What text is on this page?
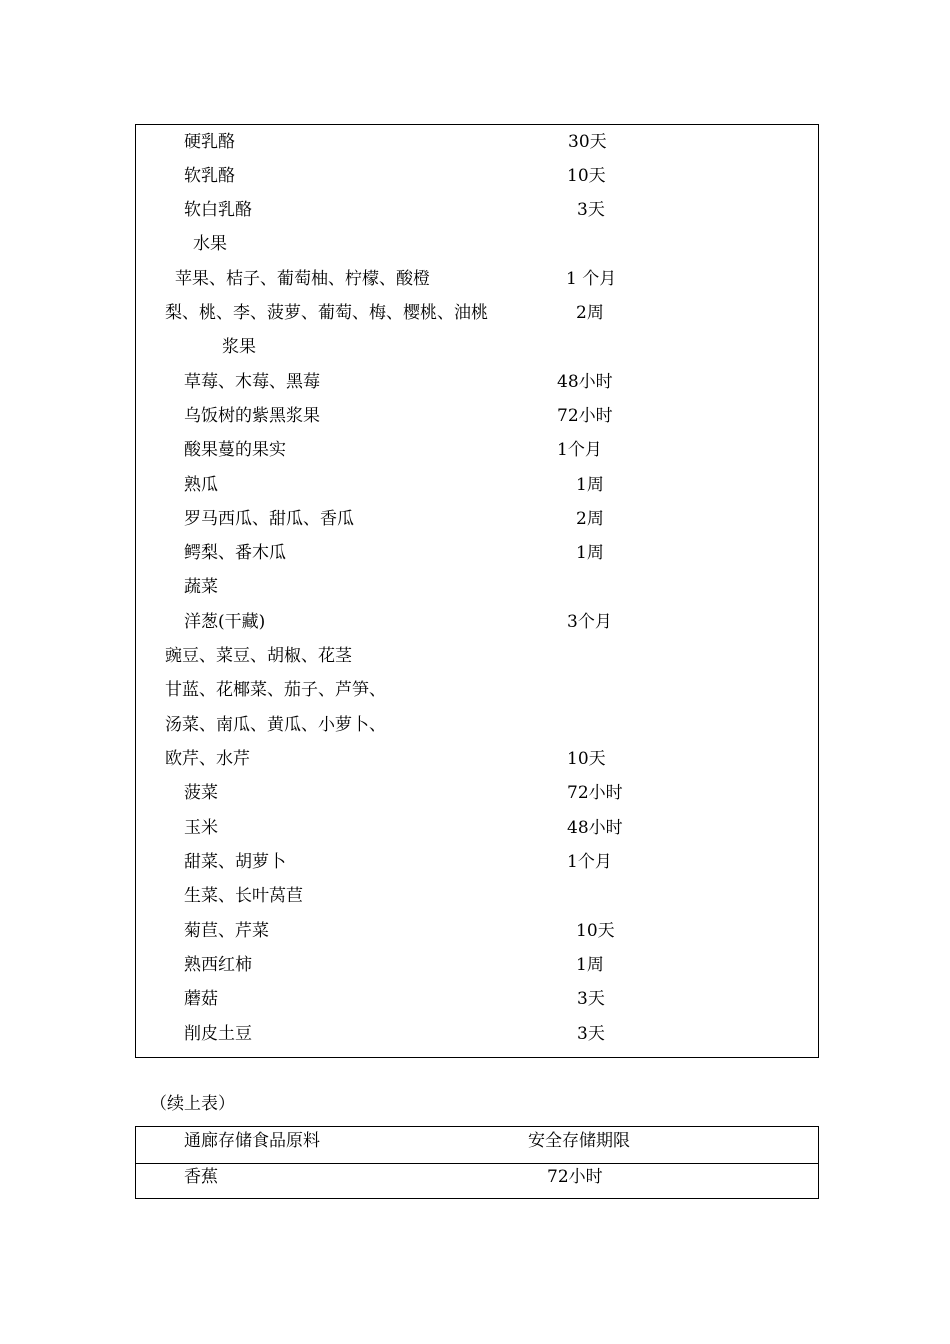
硬乳酪	30天
软乳酪	10天
软白乳酪	3天
水果
苹果、桔子、葡萄柚、柠檬、酸橙	1 个月
梨、桃、李、菠萝、葡萄、梅、樱桃、油桃	2周
浆果
草莓、木莓、黑莓	48小时
乌饭树的紫黑浆果	72小时
酸果蔓的果实	1个月
熟瓜	1周
罗马西瓜、甜瓜、香瓜	2周
鳄梨、番木瓜	1周
蔬菜
洋葱(干藏)	3个月
豌豆、菜豆、胡椒、花茎
甘蓝、花椰菜、茄子、芦笋、
汤菜、南瓜、黄瓜、小萝卜、
欧芹、水芹	10天
菠菜	72小时
玉米	48小时
甜菜、胡萝卜	1个月
生菜、长叶莴苣
菊苣、芹菜	10天
熟西红柿	1周
蘑菇	3天
削皮土豆	3天
（续上表）
通廊存储食品原料	安全存储期限
香蕉	72小时
